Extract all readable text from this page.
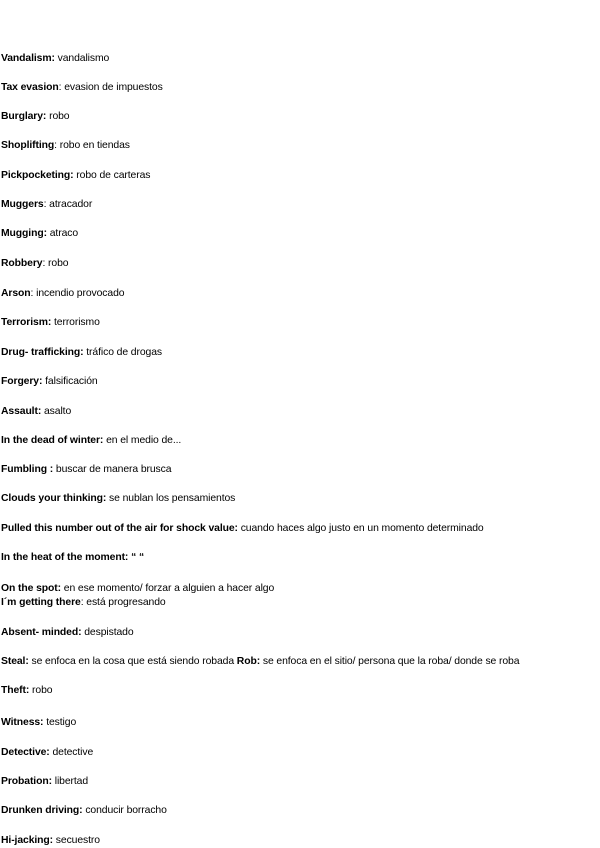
Vandalism: vandalismo
Tax evasion: evasion de impuestos
Burglary: robo
Shoplifting: robo en tiendas
Pickpocketing: robo de carteras
Muggers: atracador
Mugging: atraco
Robbery: robo
Arson: incendio provocado
Terrorism: terrorismo
Drug- trafficking: tráfico de drogas
Forgery: falsificación
Assault: asalto
In the dead of winter: en el medio de...
Fumbling : buscar de manera brusca
Clouds your thinking: se nublan los pensamientos
Pulled this number out of the air for shock value: cuando haces algo justo en un momento determinado
In the heat of the moment: “ “
On the spot: en ese momento/ forzar a alguien a hacer algo
I´m getting there: está progresando
Absent- minded: despistado
Steal: se enfoca en la cosa que está siendo robada Rob: se enfoca en el sitio/ persona que la roba/ donde se roba
Theft: robo
Witness: testigo
Detective: detective
Probation: libertad
Drunken driving: conducir borracho
Hi-jacking: secuestro
